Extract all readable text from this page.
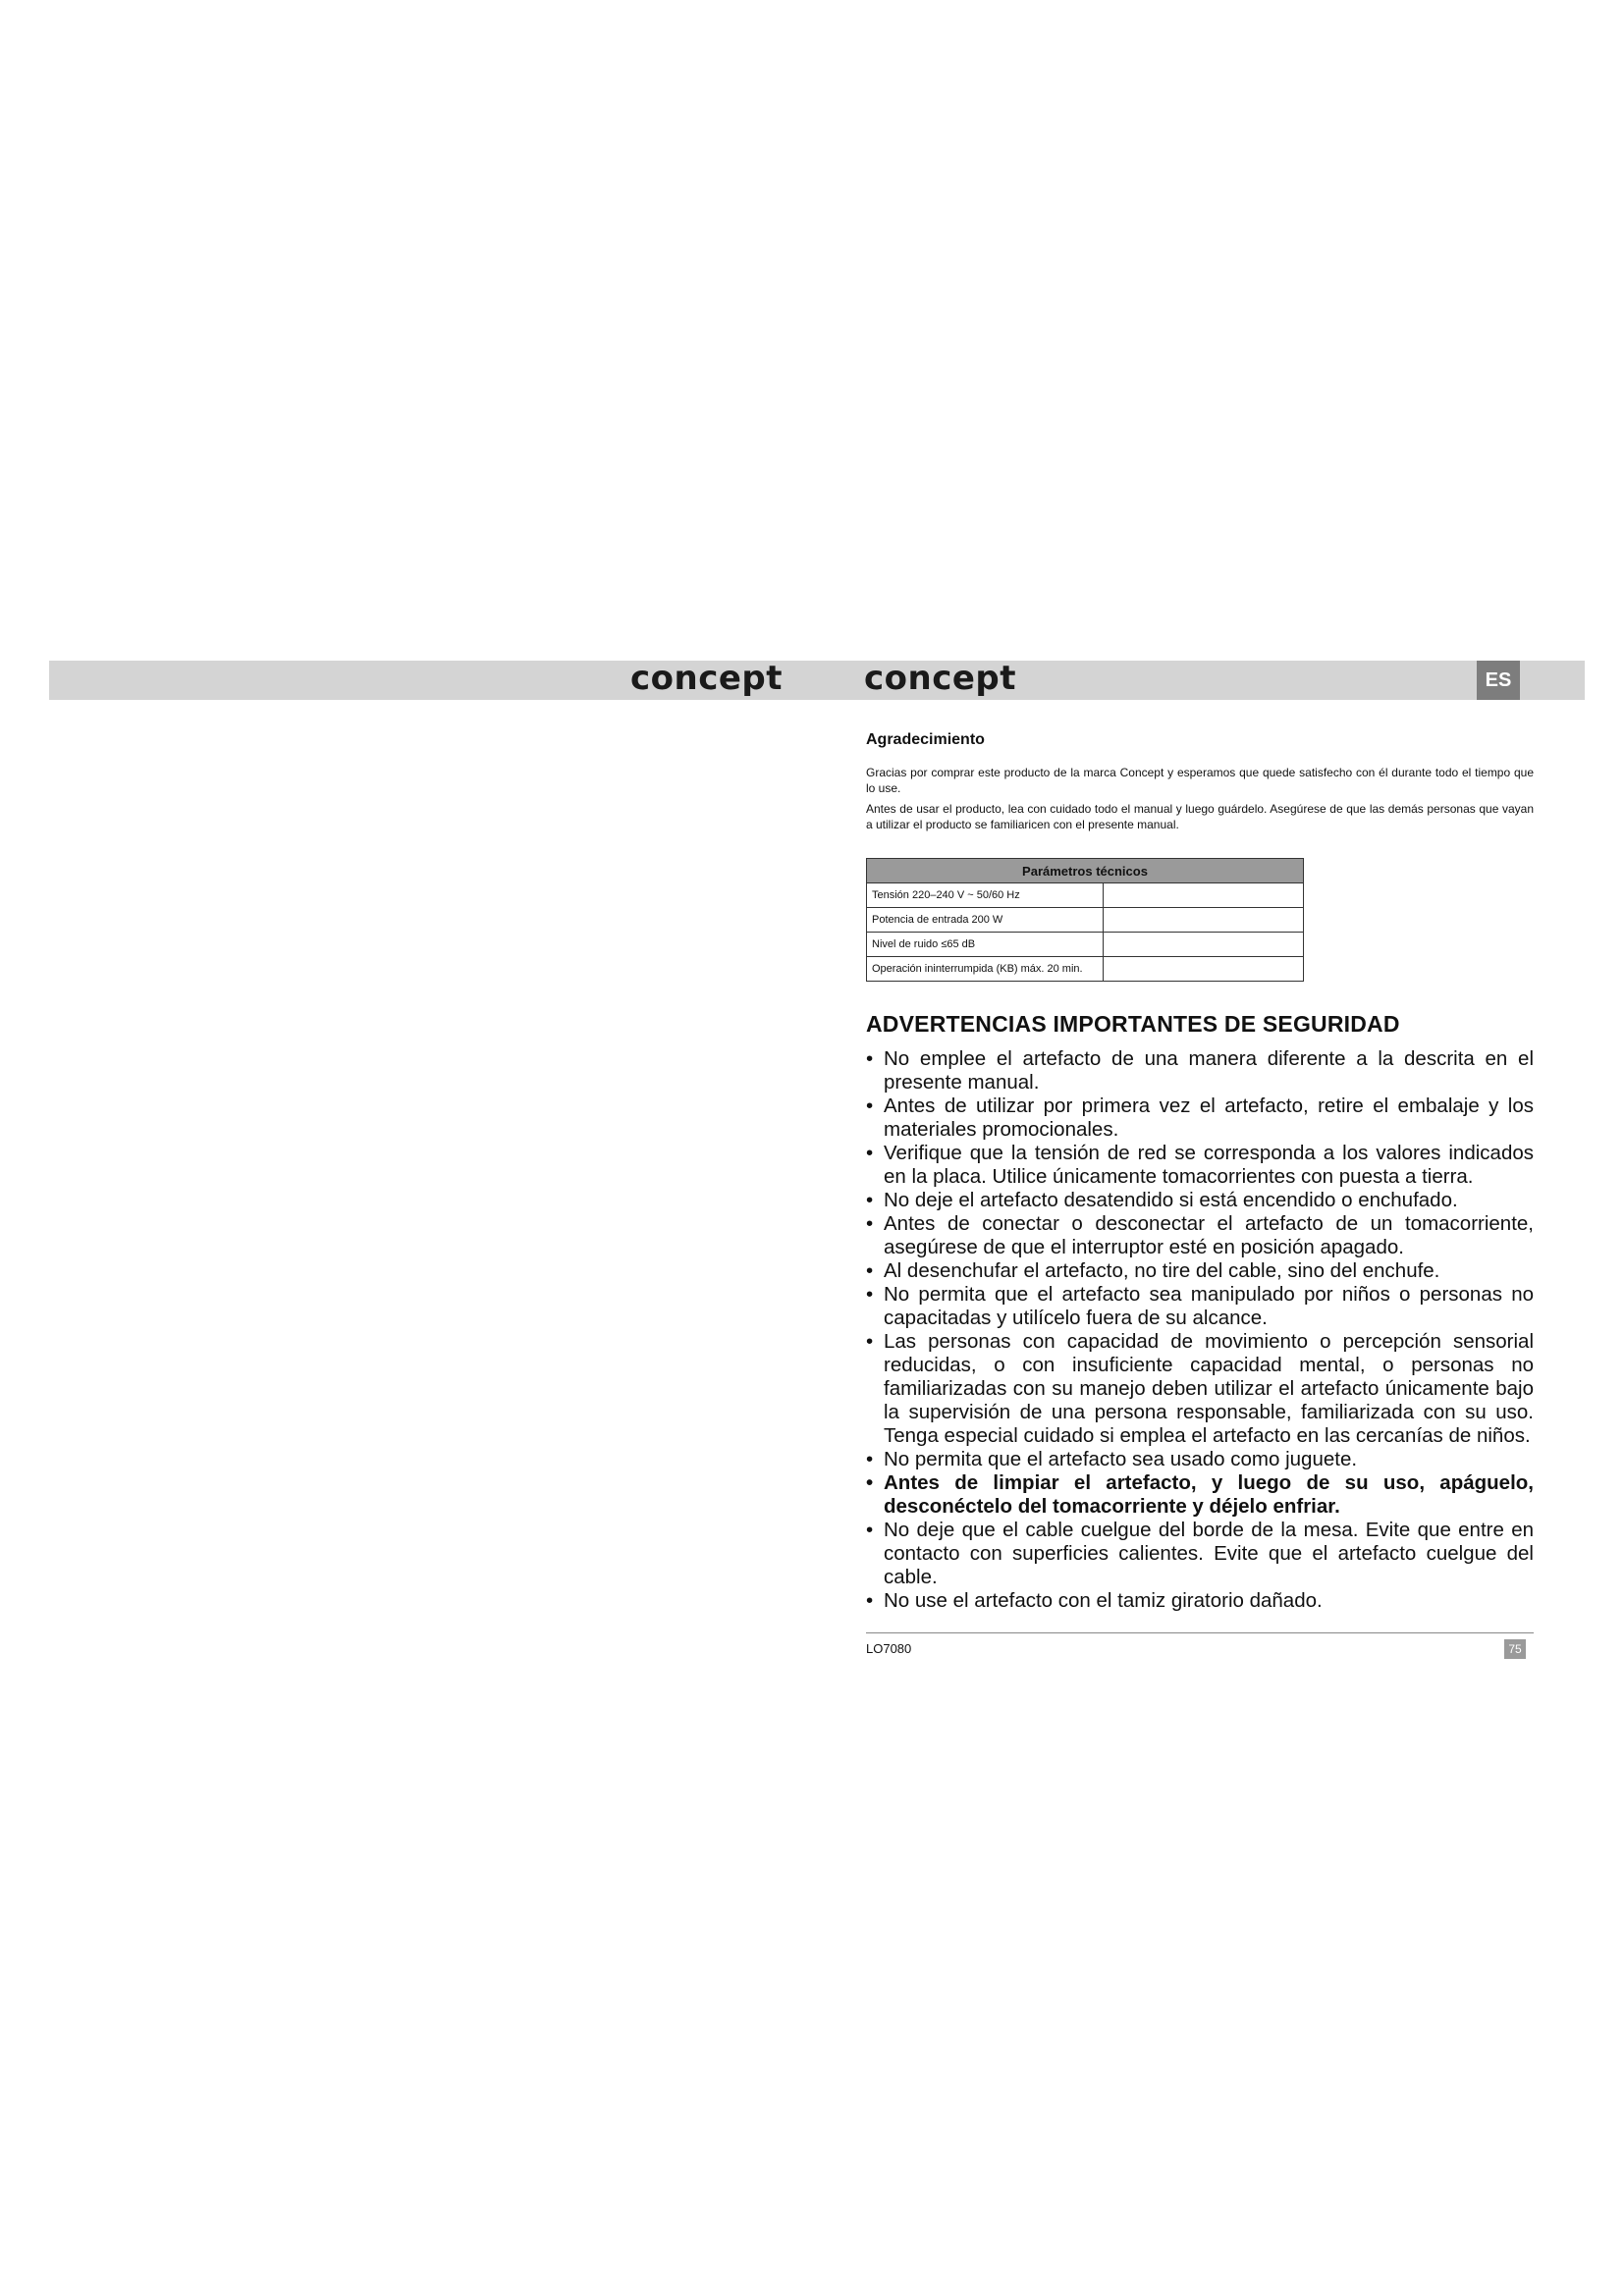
concept concept	ES
Agradecimiento

Gracias por comprar este producto de la marca Concept y esperamos que quede satisfecho con él durante todo el tiempo que lo use.

Antes de usar el producto, lea con cuidado todo el manual y luego guárdelo. Asegúrese de que las demás personas que vayan a utilizar el producto se familiaricen con el presente manual.

Parámetros técnicos	
Tensión 220–240 V ~ 50/60 Hz	
Potencia de entrada 200 W	
Nivel de ruido ≤65 dB	
Operación ininterrumpida (KB) máx. 20 min.	
ADVERTENCIAS IMPORTANTES DE SEGURIDAD
• No emplee el artefacto de una manera diferente a la descrita en el presente manual.
• Antes de utilizar por primera vez el artefacto, retire el embalaje y los materiales promocionales.
• Verifique que la tensión de red se corresponda a los valores indicados en la placa. Utilice únicamente tomacorrientes con puesta a tierra.
• No deje el artefacto desatendido si está encendido o enchufado.
• Antes de conectar o desconectar el artefacto de un tomacorriente, asegúrese de que el interruptor esté en posición apagado.
• Al desenchufar el artefacto, no tire del cable, sino del enchufe.
• No permita que el artefacto sea manipulado por niños o personas no capacitadas y utilícelo fuera de su alcance.
• Las personas con capacidad de movimiento o percepción sensorial reducidas, o con insuficiente capacidad mental, o personas no familiarizadas con su manejo deben utilizar el artefacto únicamente bajo la supervisión de una persona responsable, familiarizada con su uso. Tenga especial cuidado si emplea el artefacto en las cercanías de niños.
• No permita que el artefacto sea usado como juguete.
• Antes de limpiar el artefacto, y luego de su uso, apáguelo, desconéctelo del tomacorriente y déjelo enfriar.
• No deje que el cable cuelgue del borde de la mesa. Evite que entre en contacto con superficies calientes. Evite que el artefacto cuelgue del cable.
• No use el artefacto con el tamiz giratorio dañado.
LO7080	75
